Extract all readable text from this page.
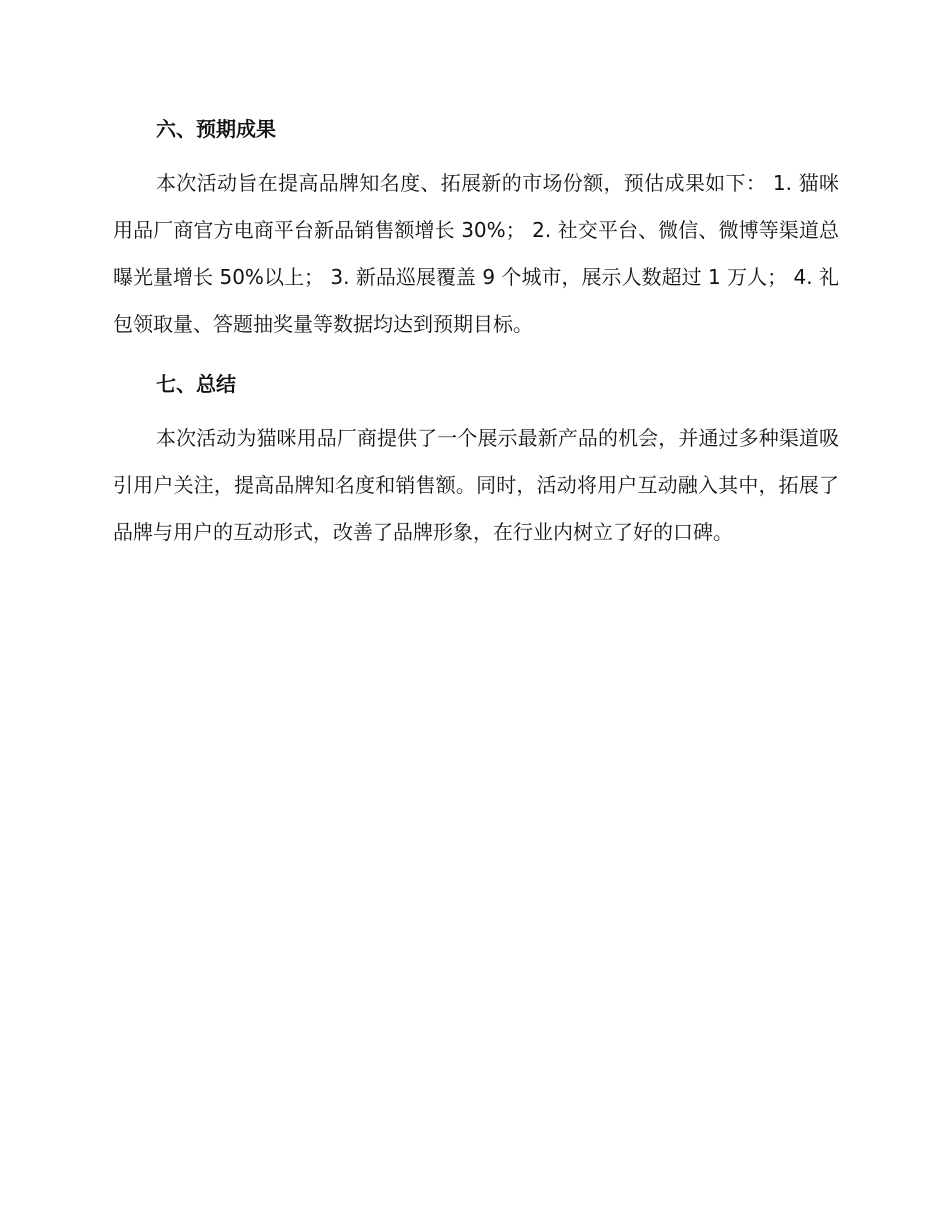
六、预期成果

本次活动旨在提高品牌知名度、拓展新的市场份额，预估成果如下： 1. 猫咪用品厂商官方电商平台新品销售额增长 30%； 2. 社交平台、微信、微博等渠道总曝光量增长 50%以上； 3. 新品巡展覆盖 9 个城市，展示人数超过 1 万人； 4. 礼包领取量、答题抽奖量等数据均达到预期目标。

七、总结

本次活动为猫咪用品厂商提供了一个展示最新产品的机会，并通过多种渠道吸引用户关注，提高品牌知名度和销售额。同时，活动将用户互动融入其中，拓展了品牌与用户的互动形式，改善了品牌形象，在行业内树立了好的口碑。
